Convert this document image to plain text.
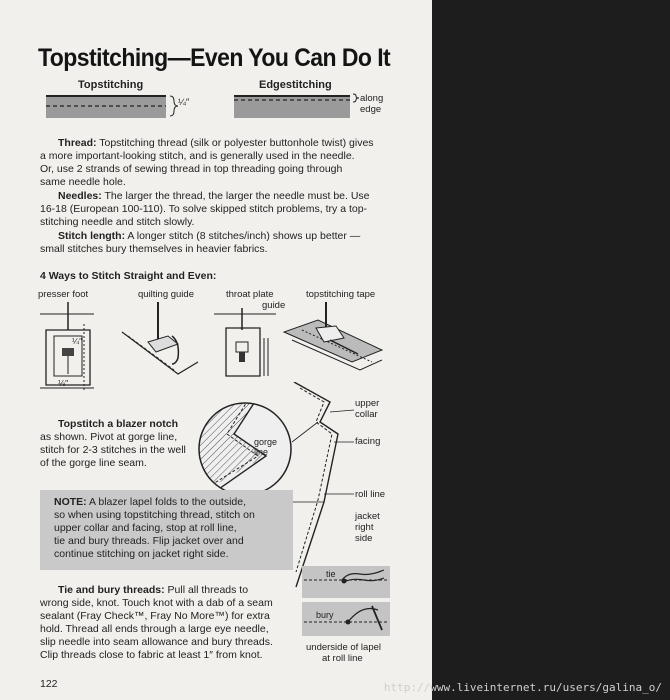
Topstitching—Even You Can Do It
Topstitching
¼″
Edgestitching
along
edge
Thread: Topstitching thread (silk or polyester buttonhole twist) gives
a more important-looking stitch, and is generally used in the needle.
Or, use 2 strands of sewing thread in top threading going through
same needle hole.
Needles: The larger the thread, the larger the needle must be. Use
16-18 (European 100-110). To solve skipped stitch problems, try a top-
stitching needle and stitch slowly.
Stitch length: A longer stitch (8 stitches/inch) shows up better —
small stitches bury themselves in heavier fabrics.
4 Ways to Stitch Straight and Even:
presser foot	quilting guide	throat plate
guide
topstitching tape
¼″
⅛″
Topstitch a blazer notch
as shown. Pivot at gorge line,
stitch for 2-3 stitches in the well
of the gorge line seam.
gorge
line
upper
collar
facing
roll line
jacket
right
side
NOTE: A blazer lapel folds to the outside,
so when using topstitching thread, stitch on
upper collar and facing, stop at roll line,
tie and bury threads. Flip jacket over and
continue stitching on jacket right side.
Tie and bury threads: Pull all threads to
wrong side, knot. Touch knot with a dab of a seam
sealant (Fray Check™, Fray No More™) for extra
hold. Thread all ends through a large eye needle,
slip needle into seam allowance and bury threads.
Clip threads close to fabric at least 1″ from knot.
tie
bury
underside of lapel
at roll line
122	http://www.liveinternet.ru/users/galina_o/
